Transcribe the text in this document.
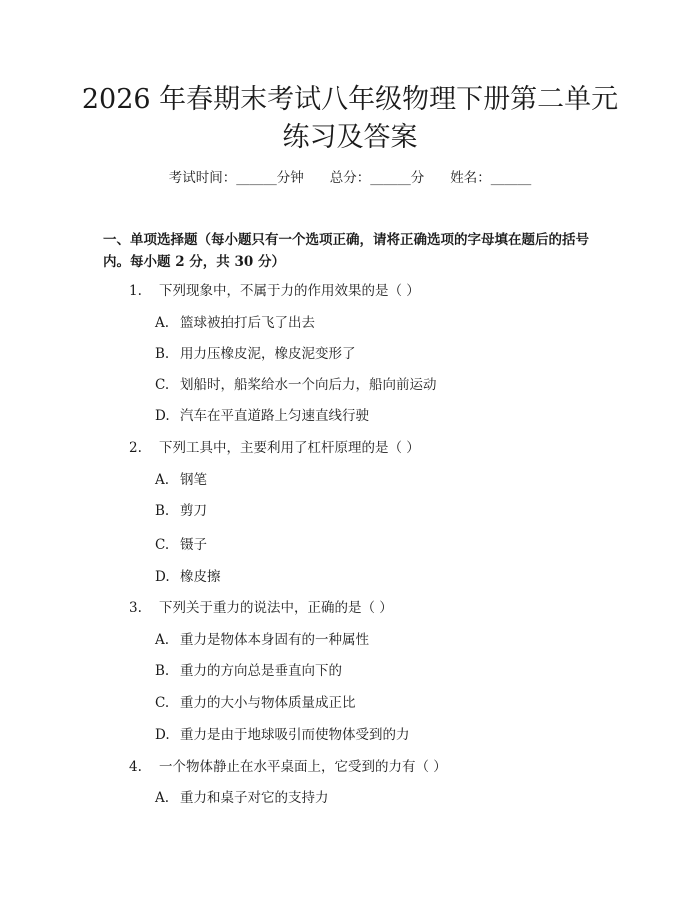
2026 年春期末考试八年级物理下册第二单元
练习及答案
考试时间：______分钟 总分：______分 姓名：______
一、单项选择题（每小题只有一个选项正确，请将正确选项的字母填在题后的括号内。每小题 2 分，共 30 分）
1. 下列现象中，不属于力的作用效果的是（ ）
A. 篮球被拍打后飞了出去
B. 用力压橡皮泥，橡皮泥变形了
C. 划船时，船桨给水一个向后力，船向前运动
D. 汽车在平直道路上匀速直线行驶
2. 下列工具中，主要利用了杠杆原理的是（ ）
A. 钢笔
B. 剪刀
C. 镊子
D. 橡皮擦
3. 下列关于重力的说法中，正确的是（ ）
A. 重力是物体本身固有的一种属性
B. 重力的方向总是垂直向下的
C. 重力的大小与物体质量成正比
D. 重力是由于地球吸引而使物体受到的力
4. 一个物体静止在水平桌面上，它受到的力有（ ）
A. 重力和桌子对它的支持力
